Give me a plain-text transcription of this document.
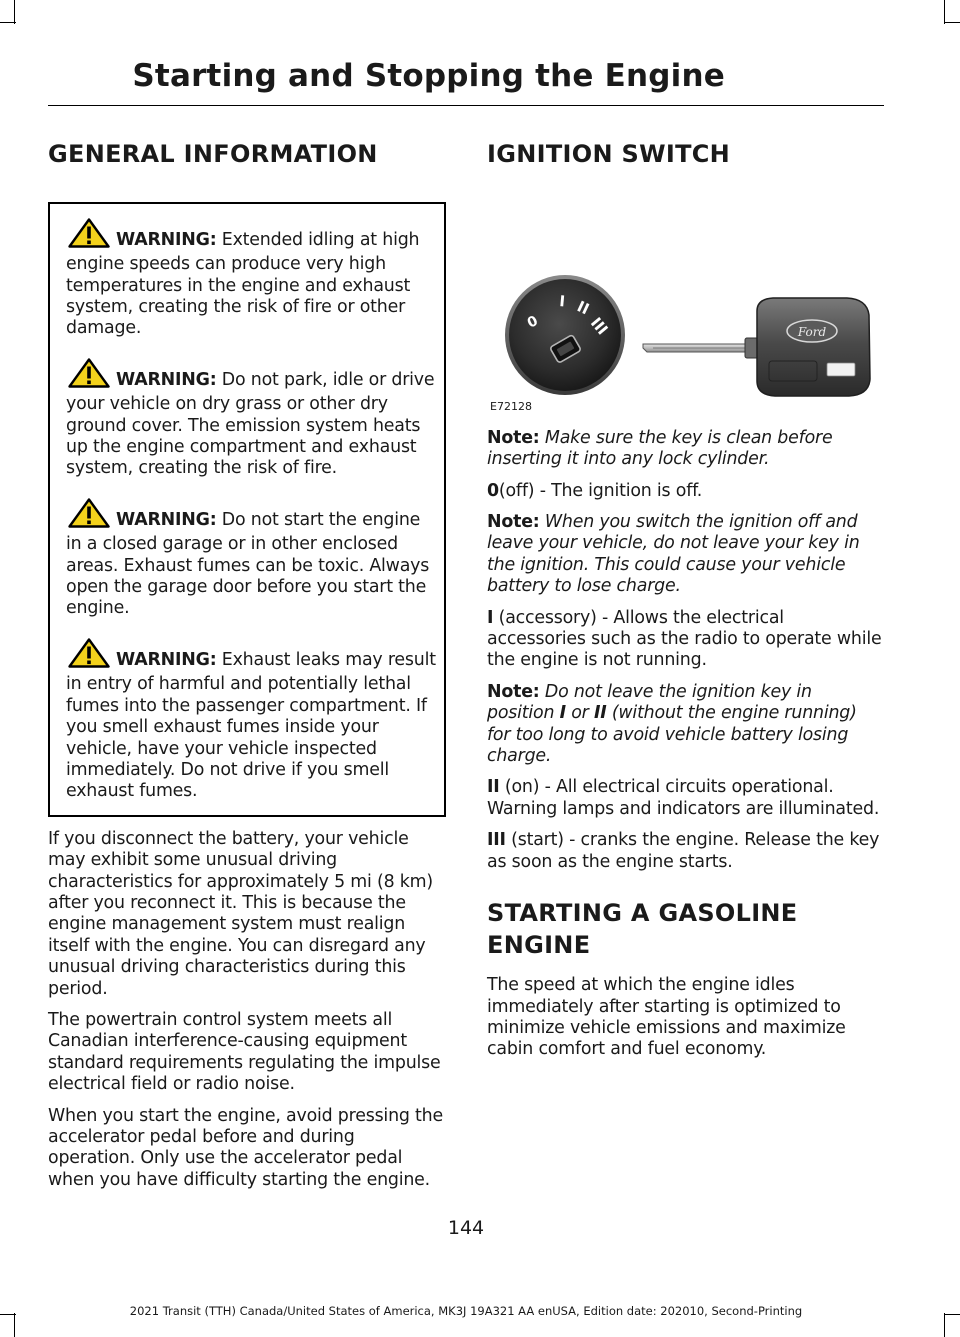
Starting and Stopping the Engine
GENERAL INFORMATION
WARNING: Extended idling at high engine speeds can produce very high temperatures in the engine and exhaust system, creating the risk of fire or other damage.
WARNING: Do not park, idle or drive your vehicle on dry grass or other dry ground cover. The emission system heats up the engine compartment and exhaust system, creating the risk of fire.
WARNING: Do not start the engine in a closed garage or in other enclosed areas. Exhaust fumes can be toxic. Always open the garage door before you start the engine.
WARNING: Exhaust leaks may result in entry of harmful and potentially lethal fumes into the passenger compartment. If you smell exhaust fumes inside your vehicle, have your vehicle inspected immediately. Do not drive if you smell exhaust fumes.

If you disconnect the battery, your vehicle may exhibit some unusual driving characteristics for approximately 5 mi (8 km) after you reconnect it. This is because the engine management system must realign itself with the engine. You can disregard any unusual driving characteristics during this period.

The powertrain control system meets all Canadian interference-causing equipment standard requirements regulating the impulse electrical field or radio noise.

When you start the engine, avoid pressing the accelerator pedal before and during operation. Only use the accelerator pedal when you have difficulty starting the engine.

IGNITION SWITCH
0
I II
III	Ford
E72128

Note: Make sure the key is clean before inserting it into any lock cylinder.

0(off) - The ignition is off.

Note: When you switch the ignition off and leave your vehicle, do not leave your key in the ignition. This could cause your vehicle battery to lose charge.

I (accessory) - Allows the electrical accessories such as the radio to operate while the engine is not running.

Note: Do not leave the ignition key in position I or II (without the engine running) for too long to avoid vehicle battery losing charge.

II (on) - All electrical circuits operational. Warning lamps and indicators are illuminated.

III (start) - cranks the engine. Release the key as soon as the engine starts.

STARTING A GASOLINE ENGINE

The speed at which the engine idles immediately after starting is optimized to minimize vehicle emissions and maximize cabin comfort and fuel economy.

144
2021 Transit (TTH) Canada/United States of America, MK3J 19A321 AA enUSA, Edition date: 202010, Second-Printing
